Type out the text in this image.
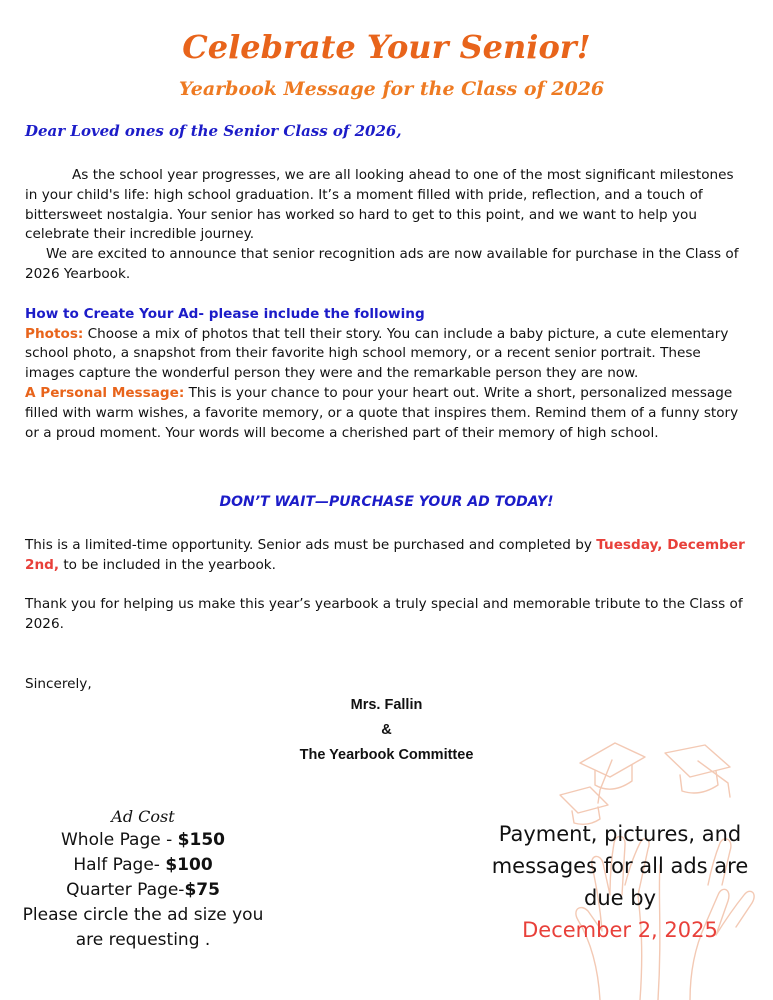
Celebrate Your Senior!
Yearbook Message for the Class of 2026

Dear Loved ones of the Senior Class of 2026,

As the school year progresses, we are all looking ahead to one of the most significant milestones in your child's life: high school graduation. It’s a moment filled with pride, reflection, and a touch of bittersweet nostalgia. Your senior has worked so hard to get to this point, and we want to help you celebrate their incredible journey.

We are excited to announce that senior recognition ads are now available for purchase in the Class of 2026 Yearbook.

How to Create Your Ad- please include the following

Photos: Choose a mix of photos that tell their story. You can include a baby picture, a cute elementary school photo, a snapshot from their favorite high school memory, or a recent senior portrait. These images capture the wonderful person they were and the remarkable person they are now.

A Personal Message: This is your chance to pour your heart out. Write a short, personalized message filled with warm wishes, a favorite memory, or a quote that inspires them. Remind them of a funny story or a proud moment. Your words will become a cherished part of their memory of high school.

DON’T WAIT—PURCHASE YOUR AD TODAY!

This is a limited-time opportunity. Senior ads must be purchased and completed by Tuesday, December 2nd, to be included in the yearbook.

Thank you for helping us make this year’s yearbook a truly special and memorable tribute to the Class of 2026.

Sincerely,

Mrs. Fallin

&

The Yearbook Committee

Ad Cost
Whole Page - $150
Half Page- $100
Quarter Page-$75
Please circle the ad size you are requesting .
Payment, pictures, and messages for all ads are due by
December 2, 2025
